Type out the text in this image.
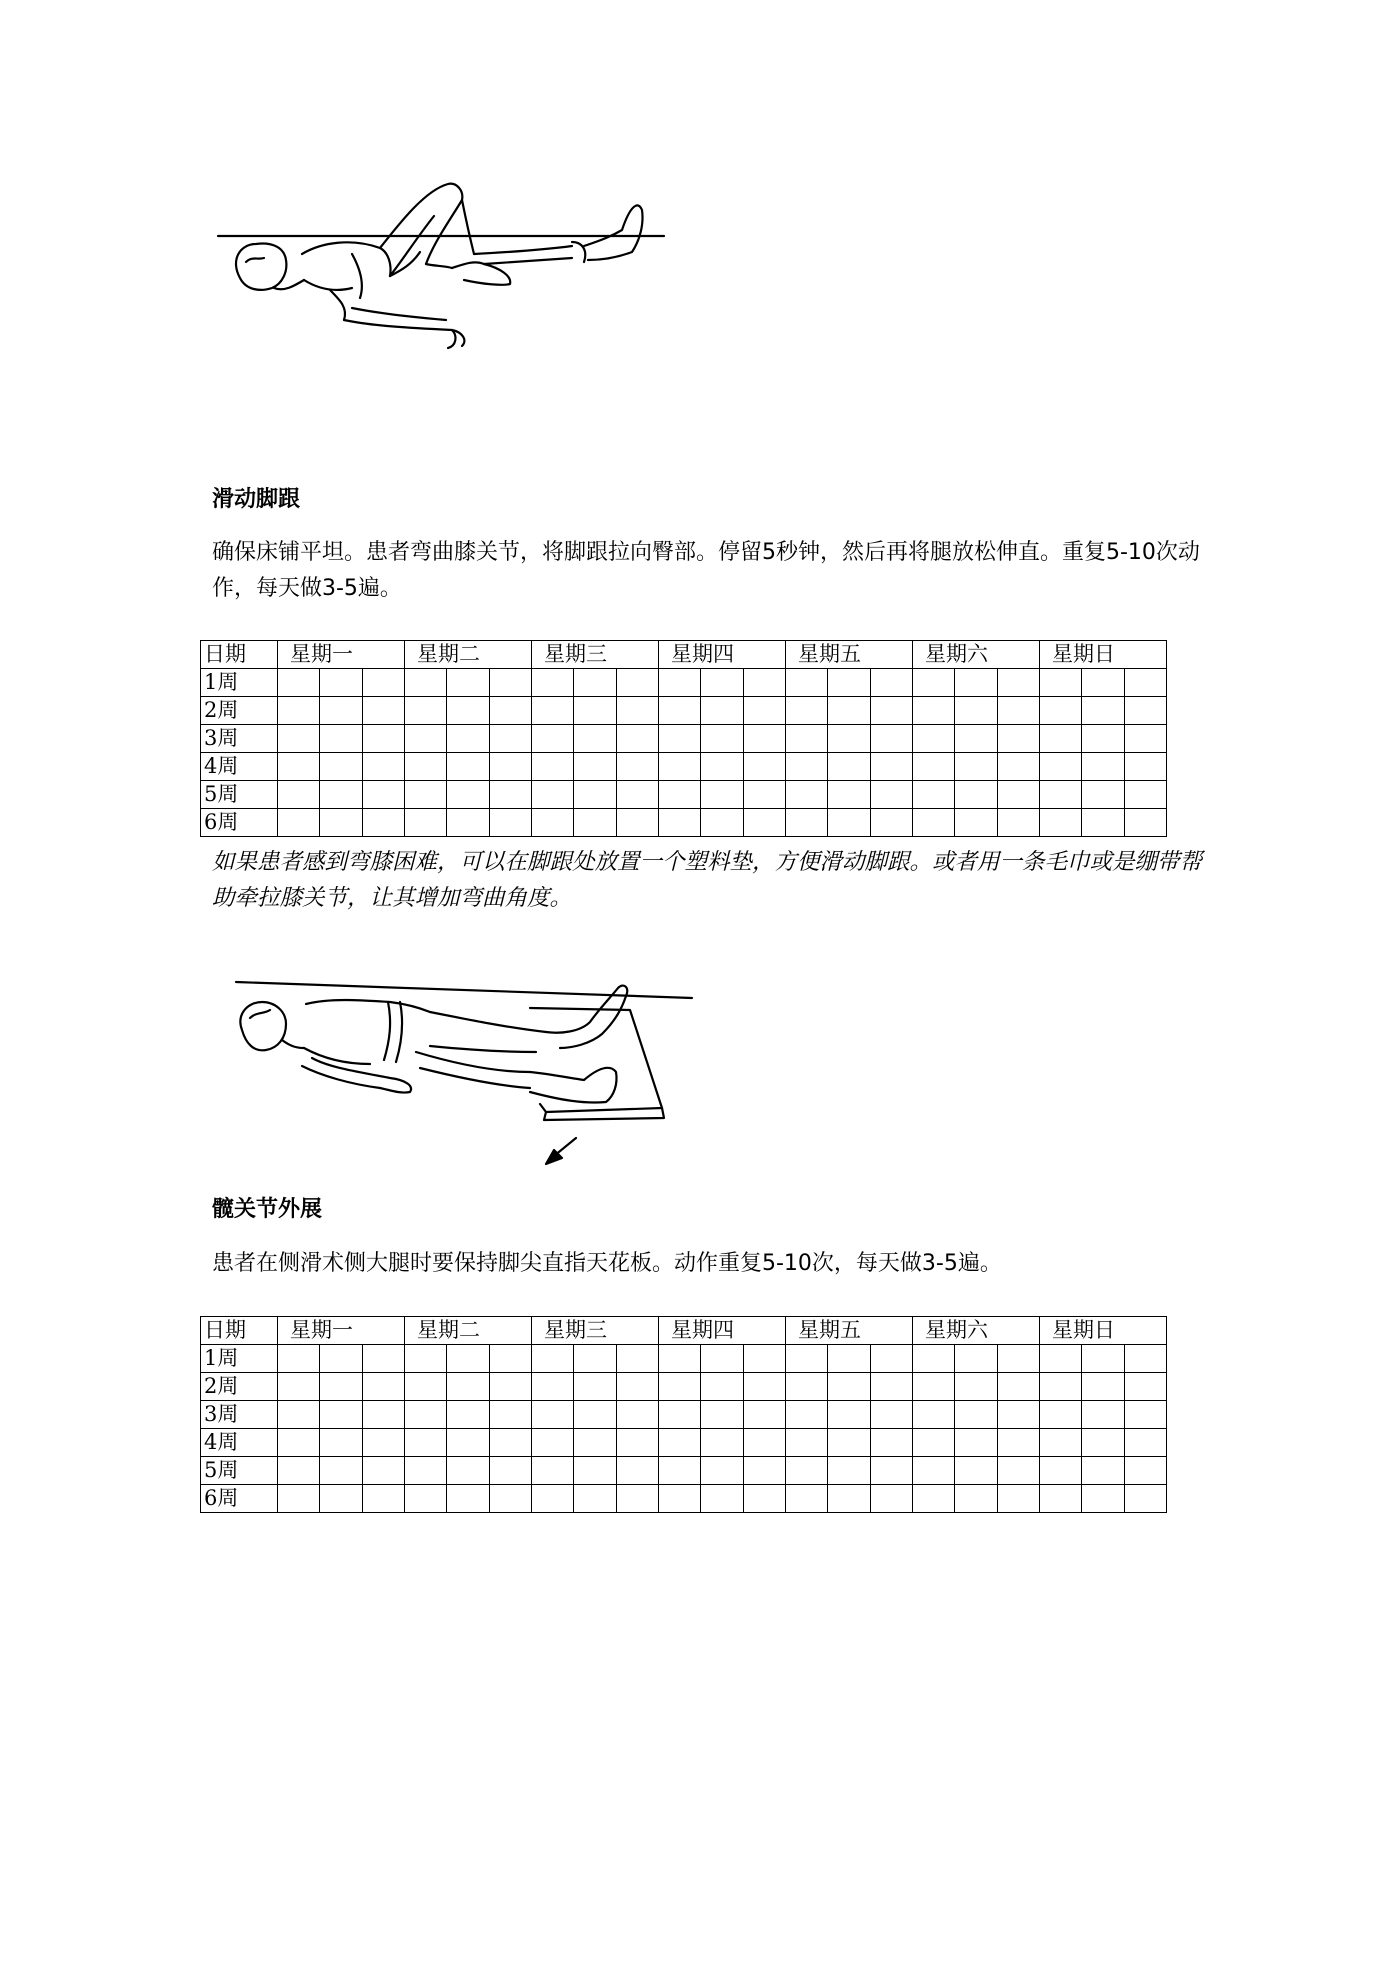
滑动脚跟
确保床铺平坦。患者弯曲膝关节，将脚跟拉向臀部。停留5秒钟，然后再将腿放松伸直。重复5-10次动作，每天做3-5遍。
日期	星期一			星期二			星期三			星期四			星期五			星期六			星期日		
1周																					
2周																					
3周																					
4周																					
5周																					
6周																					
如果患者感到弯膝困难，可以在脚跟处放置一个塑料垫，方便滑动脚跟。或者用一条毛巾或是绷带帮助牵拉膝关节，让其增加弯曲角度。
髋关节外展
患者在侧滑术侧大腿时要保持脚尖直指天花板。动作重复5-10次，每天做3-5遍。
日期	星期一			星期二			星期三			星期四			星期五			星期六			星期日		
1周																					
2周																					
3周																					
4周																					
5周																					
6周																					
